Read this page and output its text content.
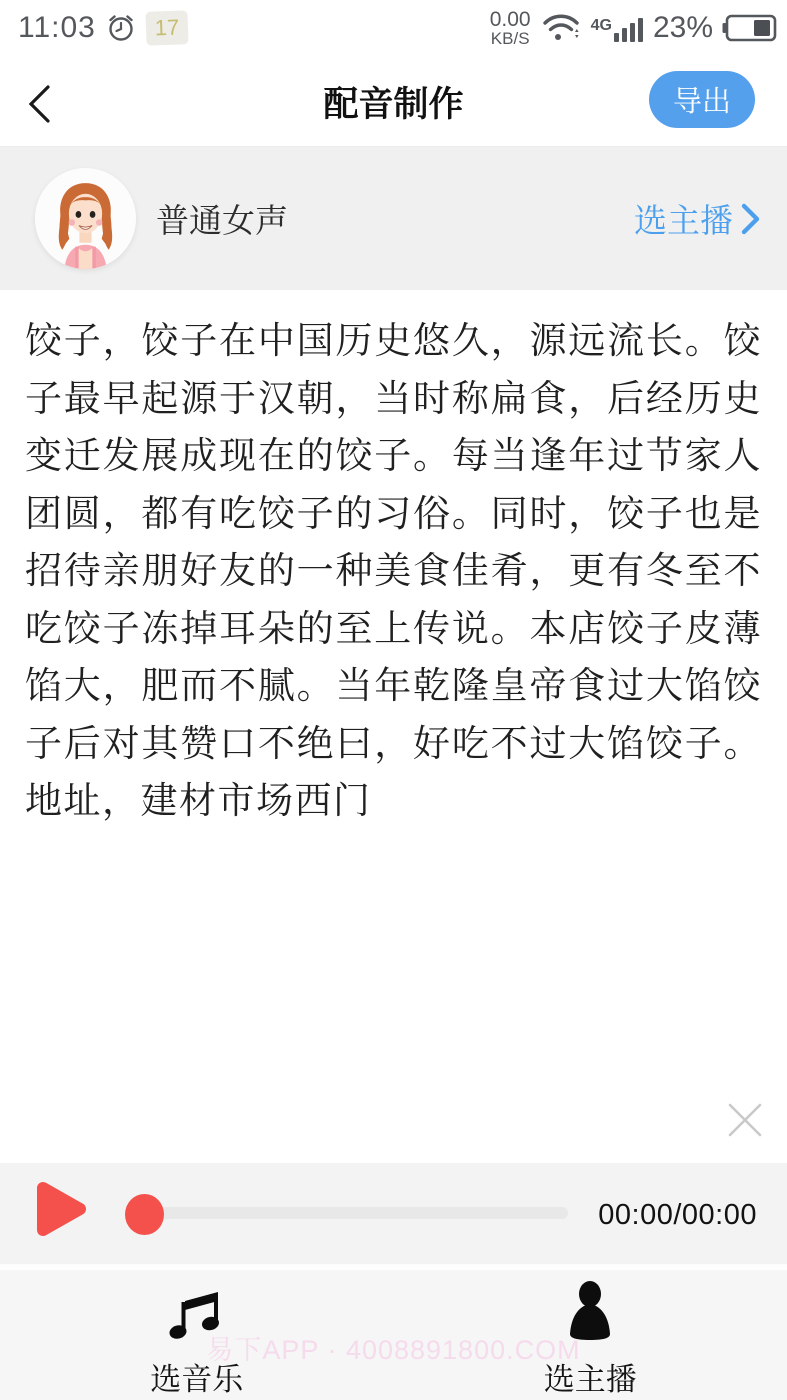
11:03	17	0.00
KB/S
4G 23%
配音制作	导出
普通女声	选主播
饺子，饺子在中国历史悠久，源远流长。饺子最早起源于汉朝，当时称扁食，后经历史变迁发展成现在的饺子。每当逢年过节家人团圆，都有吃饺子的习俗。同时，饺子也是招待亲朋好友的一种美食佳肴，更有冬至不吃饺子冻掉耳朵的至上传说。本店饺子皮薄馅大，肥而不腻。当年乾隆皇帝食过大馅饺子后对其赞口不绝曰，好吃不过大馅饺子。地址，建材市场西门
00:00/00:00
选音乐	选主播
易下APP · 4008891800.COM
